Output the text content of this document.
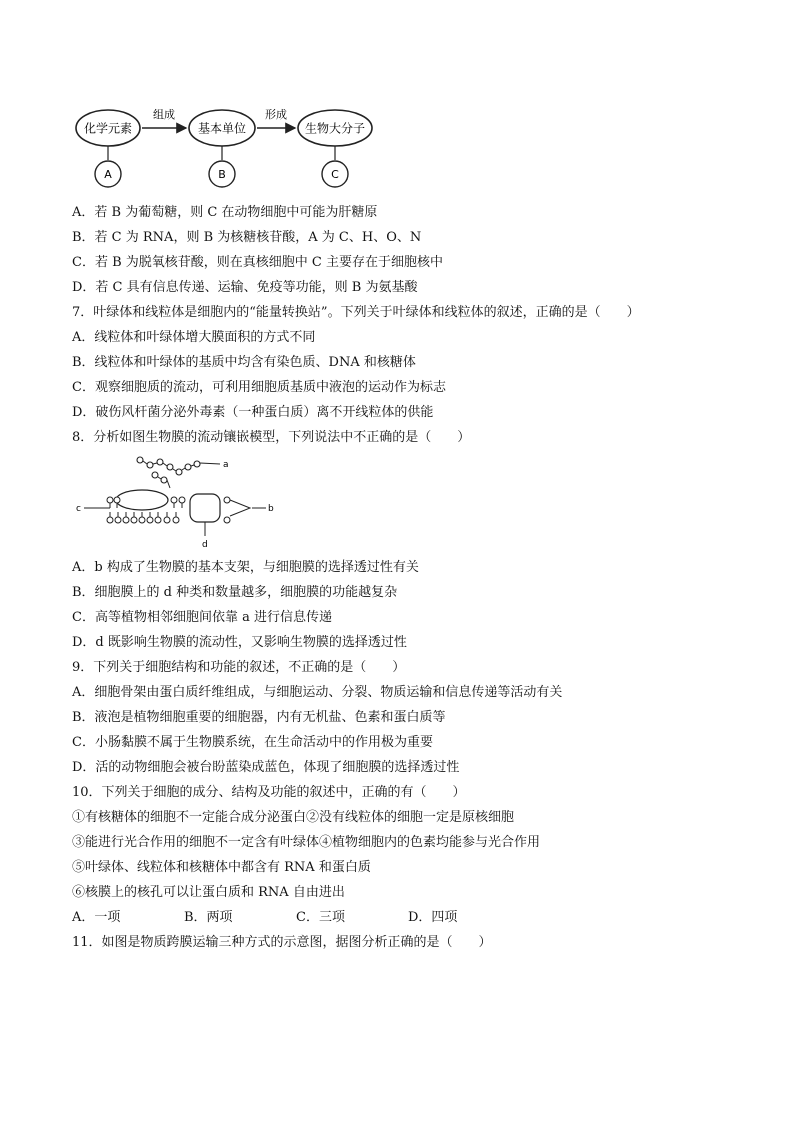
化学元素	基本单位	生物大分子
组成	形成
A	B	C
A．若 B 为葡萄糖，则 C 在动物细胞中可能为肝糖原
B．若 C 为 RNA，则 B 为核糖核苷酸，A 为 C、H、O、N
C．若 B 为脱氧核苷酸，则在真核细胞中 C 主要存在于细胞核中
D．若 C 具有信息传递、运输、免疫等功能，则 B 为氨基酸
7．叶绿体和线粒体是细胞内的“能量转换站”。下列关于叶绿体和线粒体的叙述，正确的是（　　）
A．线粒体和叶绿体增大膜面积的方式不同
B．线粒体和叶绿体的基质中均含有染色质、DNA 和核糖体
C．观察细胞质的流动，可利用细胞质基质中液泡的运动作为标志
D．破伤风杆菌分泌外毒素（一种蛋白质）离不开线粒体的供能
8．分析如图生物膜的流动镶嵌模型，下列说法中不正确的是（　　）
a
c
d
b
A．b 构成了生物膜的基本支架，与细胞膜的选择透过性有关
B．细胞膜上的 d 种类和数量越多，细胞膜的功能越复杂
C．高等植物相邻细胞间依靠 a 进行信息传递
D．d 既影响生物膜的流动性，又影响生物膜的选择透过性
9．下列关于细胞结构和功能的叙述，不正确的是（　　）
A．细胞骨架由蛋白质纤维组成，与细胞运动、分裂、物质运输和信息传递等活动有关
B．液泡是植物细胞重要的细胞器，内有无机盐、色素和蛋白质等
C．小肠黏膜不属于生物膜系统，在生命活动中的作用极为重要
D．活的动物细胞会被台盼蓝染成蓝色，体现了细胞膜的选择透过性
10．下列关于细胞的成分、结构及功能的叙述中，正确的有（　　）
①有核糖体的细胞不一定能合成分泌蛋白②没有线粒体的细胞一定是原核细胞
③能进行光合作用的细胞不一定含有叶绿体④植物细胞内的色素均能参与光合作用
⑤叶绿体、线粒体和核糖体中都含有 RNA 和蛋白质
⑥核膜上的核孔可以让蛋白质和 RNA 自由进出
A．一项	B．两项	C．三项	D．四项
11．如图是物质跨膜运输三种方式的示意图，据图分析正确的是（　　）
